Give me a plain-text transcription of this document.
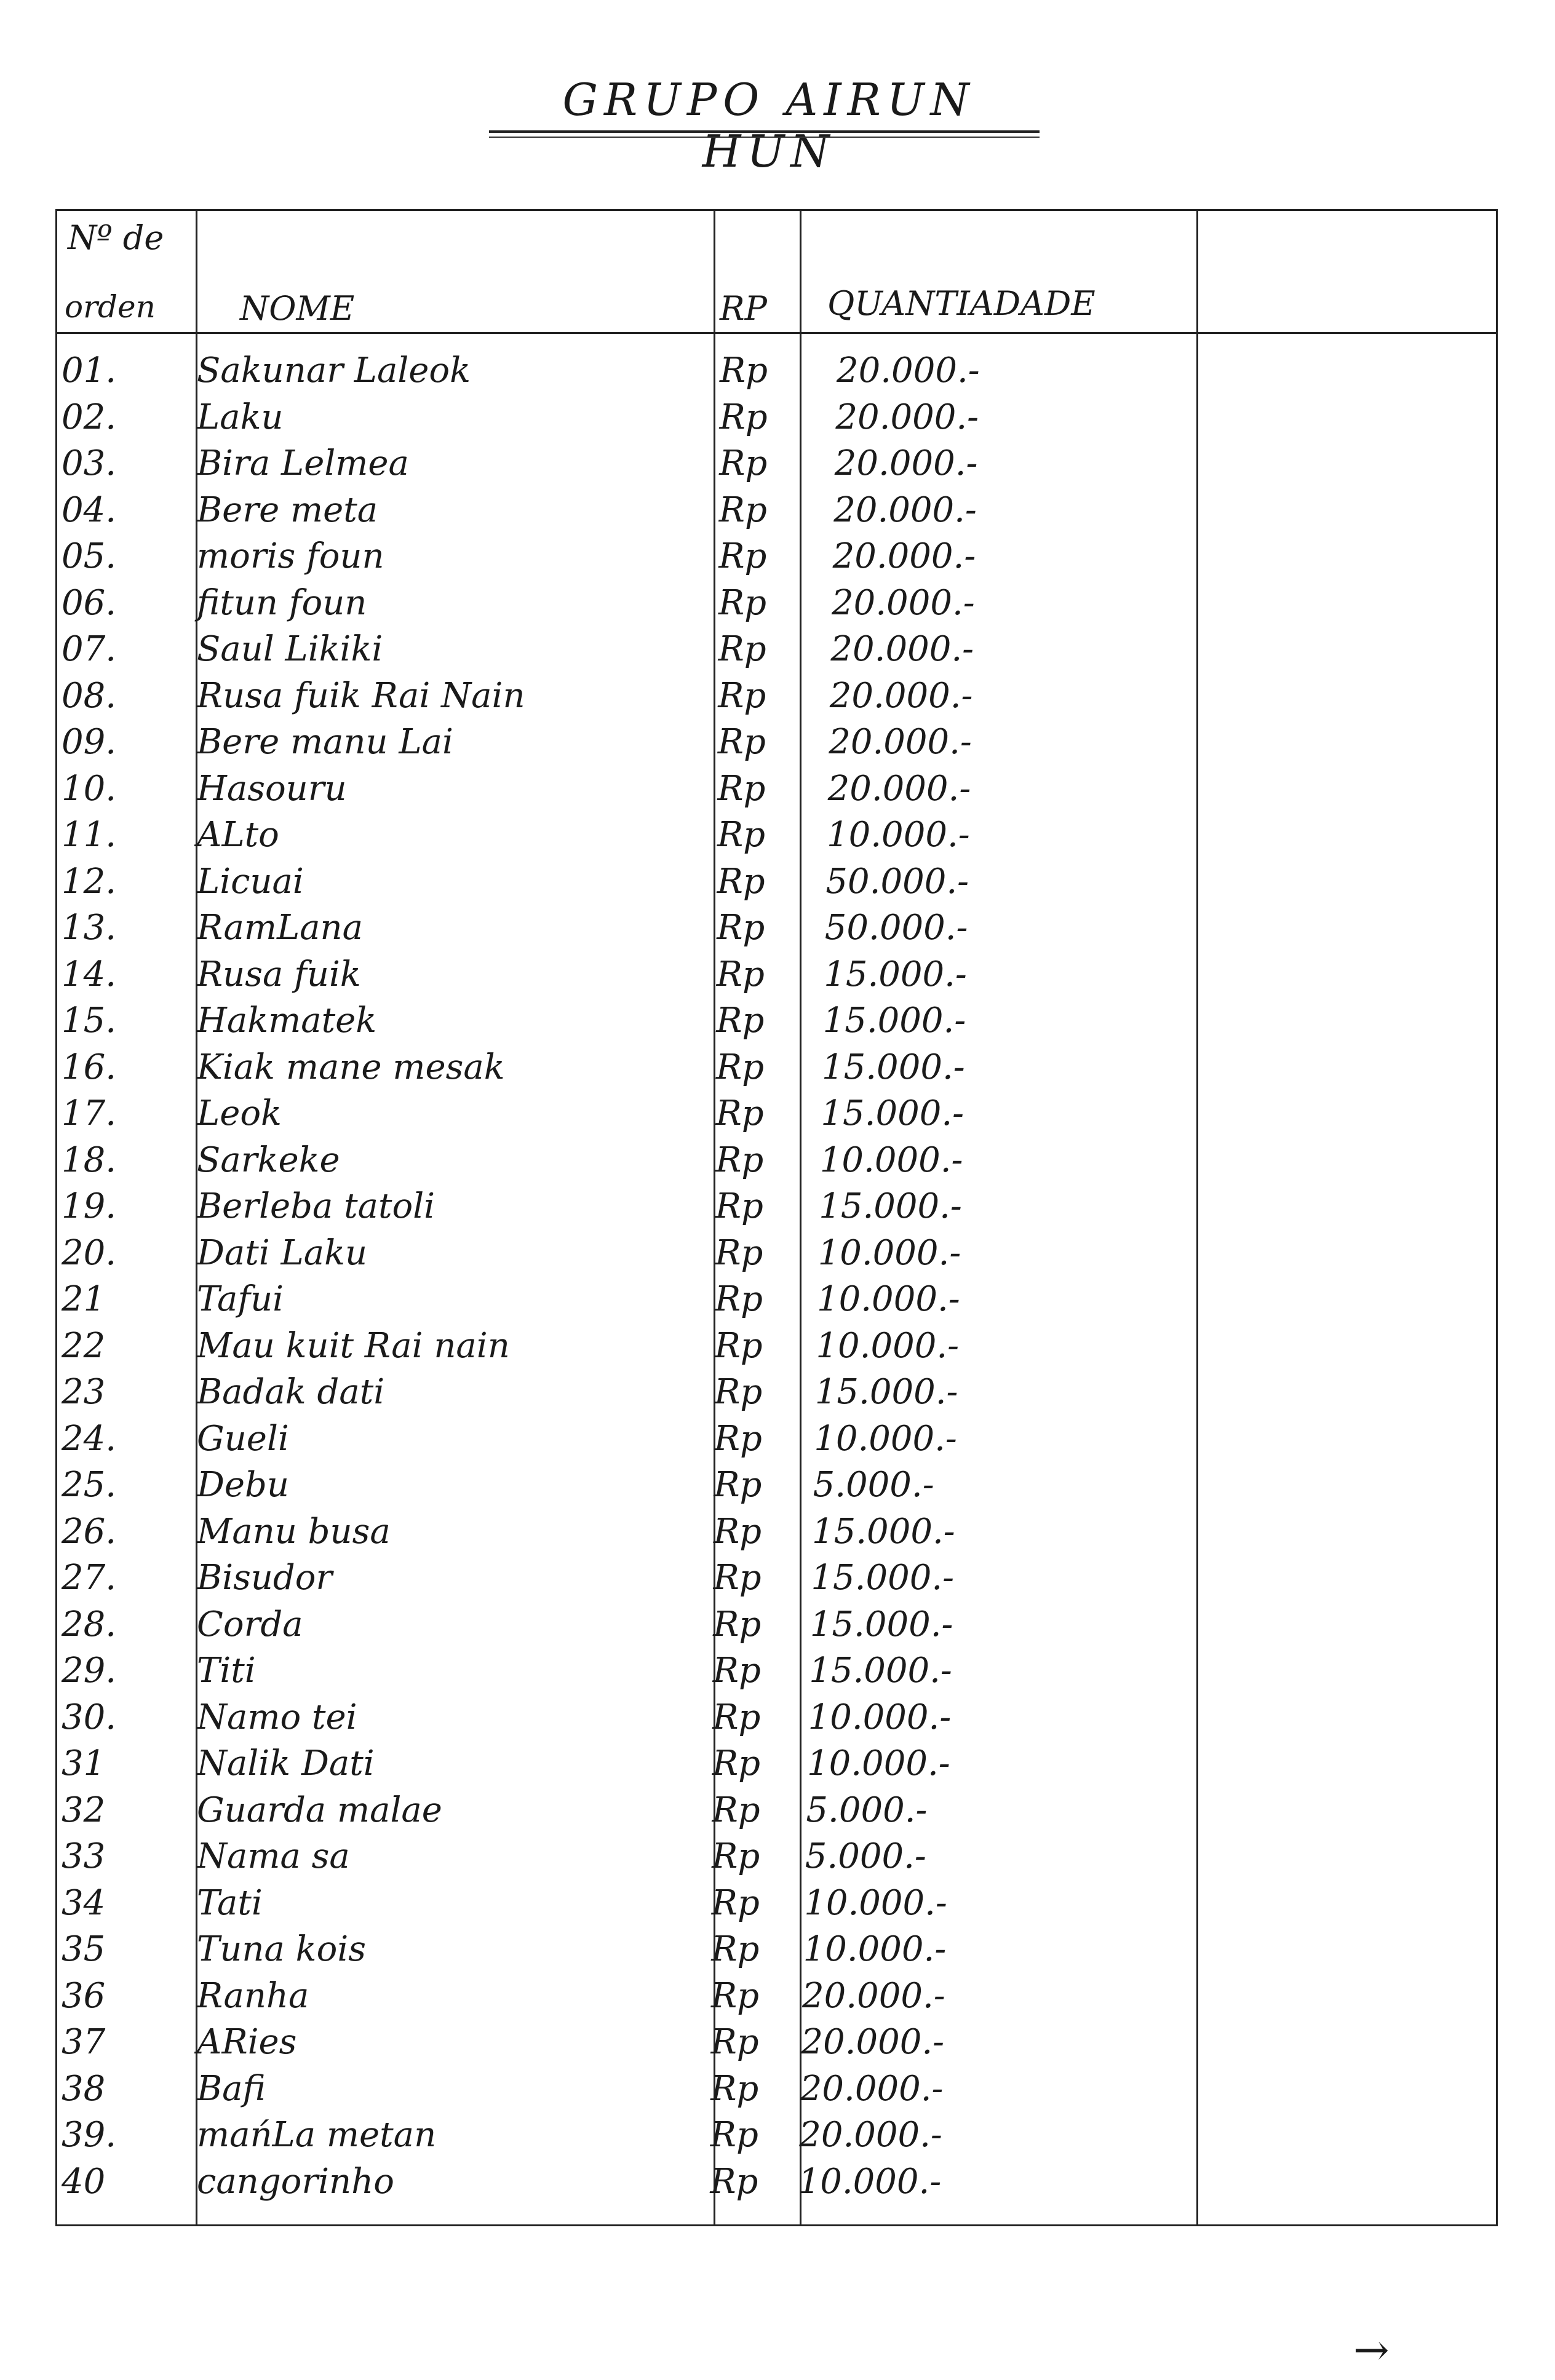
GRUPO AIRUN HUN
Nº de
orden	NOME	RP QUANTIADADE
01.	Sakunar Laleok	Rp 20.000.-
02.	Laku	Rp 20.000.-
03.	Bira Lelmea	Rp 20.000.-
04.	Bere meta	Rp 20.000.-
05.	moris foun	Rp 20.000.-
06.	fitun foun	Rp 20.000.-
07.	Saul Likiki	Rp 20.000.-
08.	Rusa fuik Rai Nain	Rp 20.000.-
09.	Bere manu Lai	Rp 20.000.-
10.	Hasouru	Rp 20.000.-
11.	ALto	Rp 10.000.-
12.	Licuai	Rp 50.000.-
13.	RamLana	Rp 50.000.-
14.	Rusa fuik	Rp 15.000.-
15.	Hakmatek	Rp 15.000.-
16.	Kiak mane mesak	Rp 15.000.-
17.	Leok	Rp 15.000.-
18.	Sarkeke	Rp 10.000.-
19.	Berleba tatoli	Rp 15.000.-
20.	Dati Laku	Rp 10.000.-
21	Tafui	Rp 10.000.-
22	Mau kuit Rai nain	Rp 10.000.-
23	Badak dati	Rp 15.000.-
24.	Gueli	Rp 10.000.-
25.	Debu	Rp 5.000.-
26.	Manu busa	Rp 15.000.-
27.	Bisudor	Rp 15.000.-
28.	Corda	Rp 15.000.-
29.	Titi	Rp 15.000.-
30.	Namo tei	Rp 10.000.-
31	Nalik Dati	Rp 10.000.-
32	Guarda malae	Rp 5.000.-
33	Nama sa	Rp 5.000.-
34	Tati	Rp 10.000.-
35	Tuna kois	Rp 10.000.-
36	Ranha	Rp 20.000.-
37	ARies	Rp 20.000.-
38	Bafi	Rp 20.000.-
39.	mańLa metan	Rp 20.000.-
40	cangorinho	Rp 10.000.-
→
